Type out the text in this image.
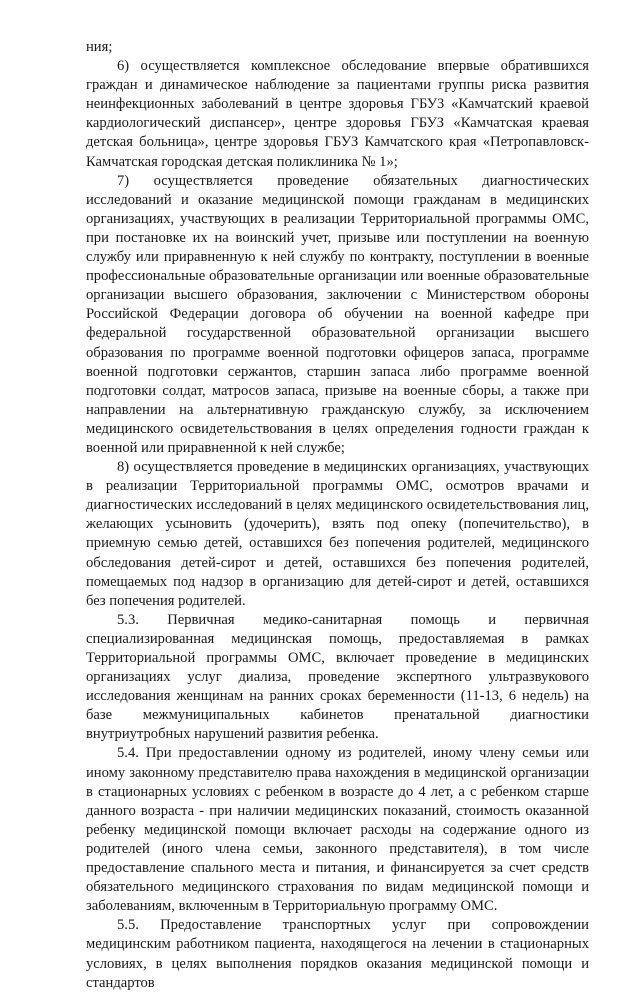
ния;

6) осуществляется комплексное обследование впервые обратившихся граждан и динамическое наблюдение за пациентами группы риска развития неинфекционных заболеваний в центре здоровья ГБУЗ «Камчатский краевой кардиологический диспансер», центре здоровья ГБУЗ «Камчатская краевая детская больница», центре здоровья ГБУЗ Камчатского края «Петропавловск-Камчатская городская детская поликлиника № 1»;

7) осуществляется проведение обязательных диагностических исследований и оказание медицинской помощи гражданам в медицинских организациях, участвующих в реализации Территориальной программы ОМС, при постановке их на воинский учет, призыве или поступлении на военную службу или приравненную к ней службу по контракту, поступлении в военные профессиональные образовательные организации или военные образовательные организации высшего образования, заключении с Министерством обороны Российской Федерации договора об обучении на военной кафедре при федеральной государственной образовательной организации высшего образования по программе военной подготовки офицеров запаса, программе военной подготовки сержантов, старшин запаса либо программе военной подготовки солдат, матросов запаса, призыве на военные сборы, а также при направлении на альтернативную гражданскую службу, за исключением медицинского освидетельствования в целях определения годности граждан к военной или приравненной к ней службе;

8) осуществляется проведение в медицинских организациях, участвующих в реализации Территориальной программы ОМС, осмотров врачами и диагностических исследований в целях медицинского освидетельствования лиц, желающих усыновить (удочерить), взять под опеку (попечительство), в приемную семью детей, оставшихся без попечения родителей, медицинского обследования детей-сирот и детей, оставшихся без попечения родителей, помещаемых под надзор в организацию для детей-сирот и детей, оставшихся без попечения родителей.

5.3. Первичная медико-санитарная помощь и первичная специализированная медицинская помощь, предоставляемая в рамках Территориальной программы ОМС, включает проведение в медицинских организациях услуг диализа, проведение экспертного ультразвукового исследования женщинам на ранних сроках беременности (11-13, 6 недель) на базе межмуниципальных кабинетов пренатальной диагностики внутриутробных нарушений развития ребенка.

5.4. При предоставлении одному из родителей, иному члену семьи или иному законному представителю права нахождения в медицинской организации в стационарных условиях с ребенком в возрасте до 4 лет, а с ребенком старше данного возраста - при наличии медицинских показаний, стоимость оказанной ребенку медицинской помощи включает расходы на содержание одного из родителей (иного члена семьи, законного представителя), в том числе предоставление спального места и питания, и финансируется за счет средств обязательного медицинского страхования по видам медицинской помощи и заболеваниям, включенным в Территориальную программу ОМС.

5.5. Предоставление транспортных услуг при сопровождении медицинским работником пациента, находящегося на лечении в стационарных условиях, в целях выполнения порядков оказания медицинской помощи и стандартов
